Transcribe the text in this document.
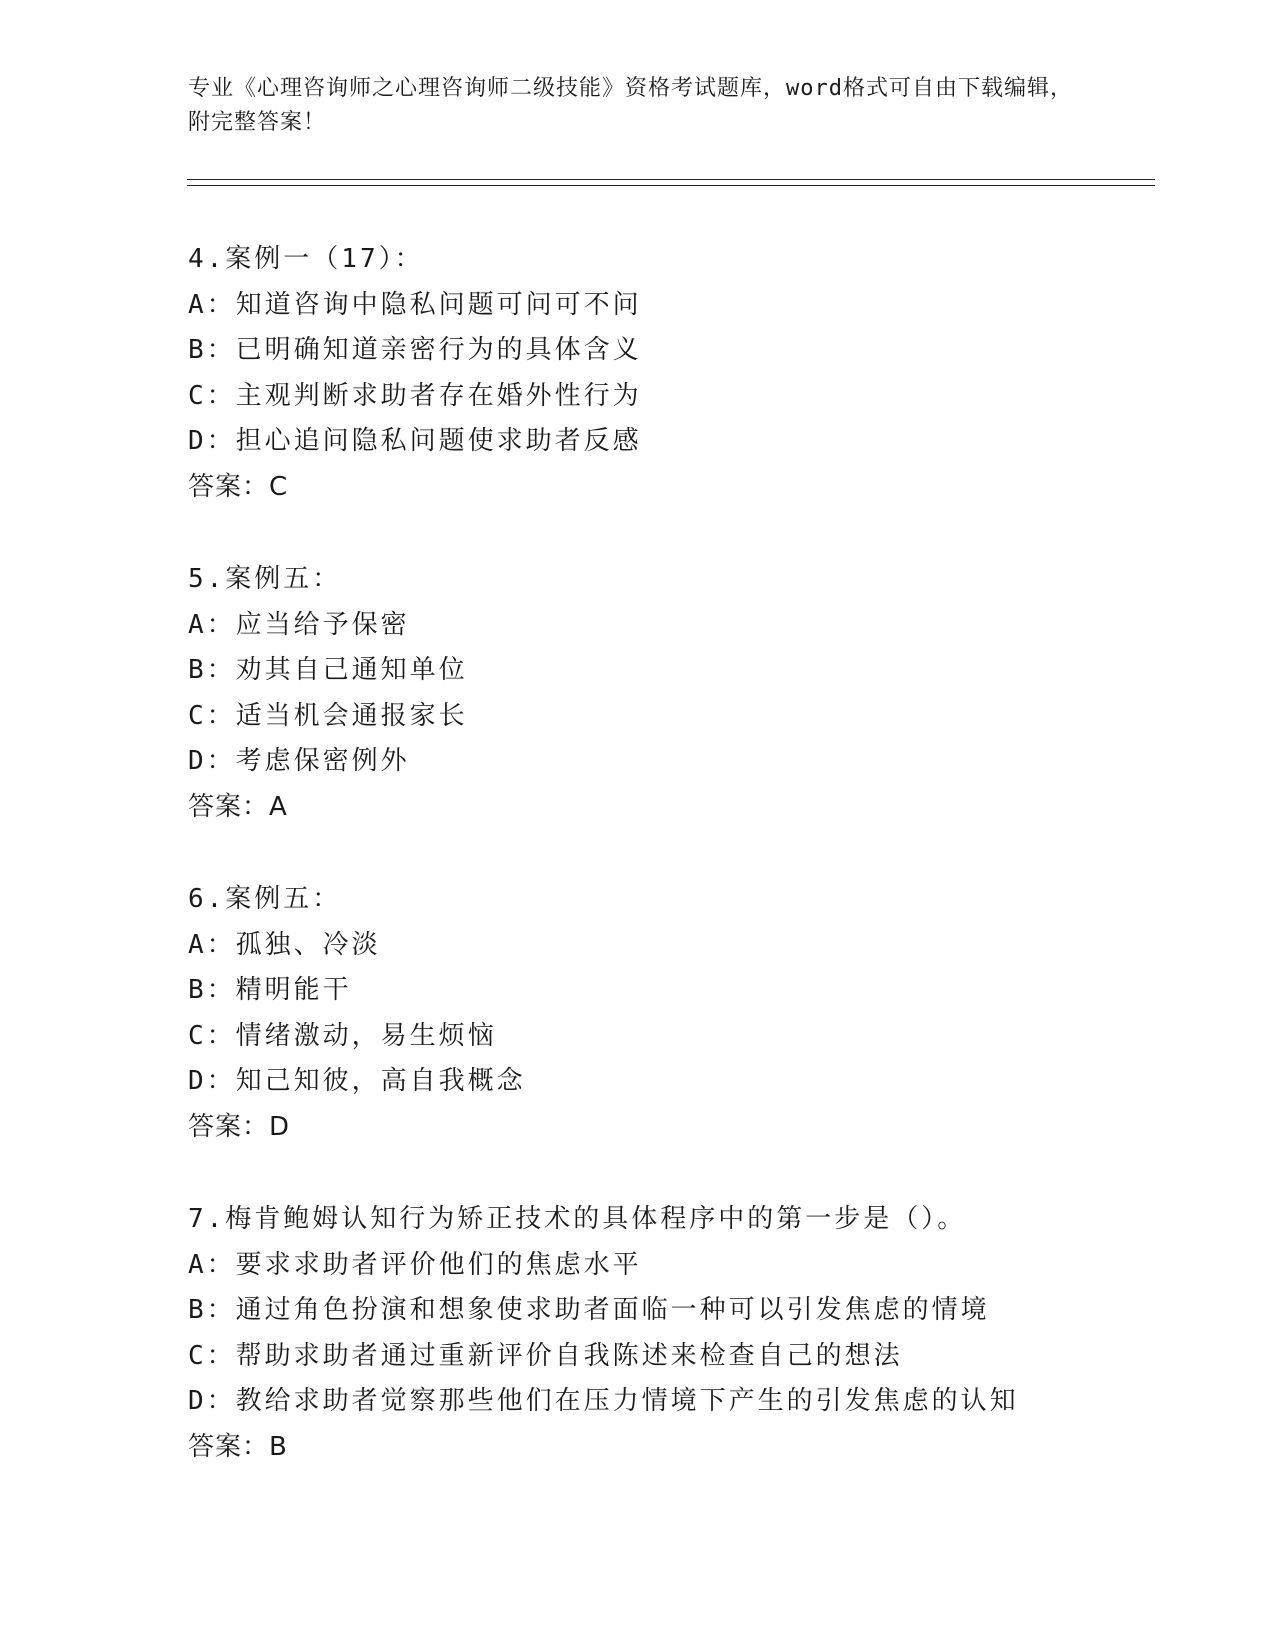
专业《心理咨询师之心理咨询师二级技能》资格考试题库，word格式可自由下载编辑，附完整答案！
4.案例一（17）：
A：知道咨询中隐私问题可问可不问
B：已明确知道亲密行为的具体含义
C：主观判断求助者存在婚外性行为
D：担心追问隐私问题使求助者反感
答案：C
5.案例五：
A：应当给予保密
B：劝其自己通知单位
C：适当机会通报家长
D：考虑保密例外
答案：A
6.案例五：
A：孤独、冷淡
B：精明能干
C：情绪激动，易生烦恼
D：知己知彼，高自我概念
答案：D
7.梅肯鲍姆认知行为矫正技术的具体程序中的第一步是（）。
A：要求求助者评价他们的焦虑水平
B：通过角色扮演和想象使求助者面临一种可以引发焦虑的情境
C：帮助求助者通过重新评价自我陈述来检查自己的想法
D：教给求助者觉察那些他们在压力情境下产生的引发焦虑的认知
答案：B
